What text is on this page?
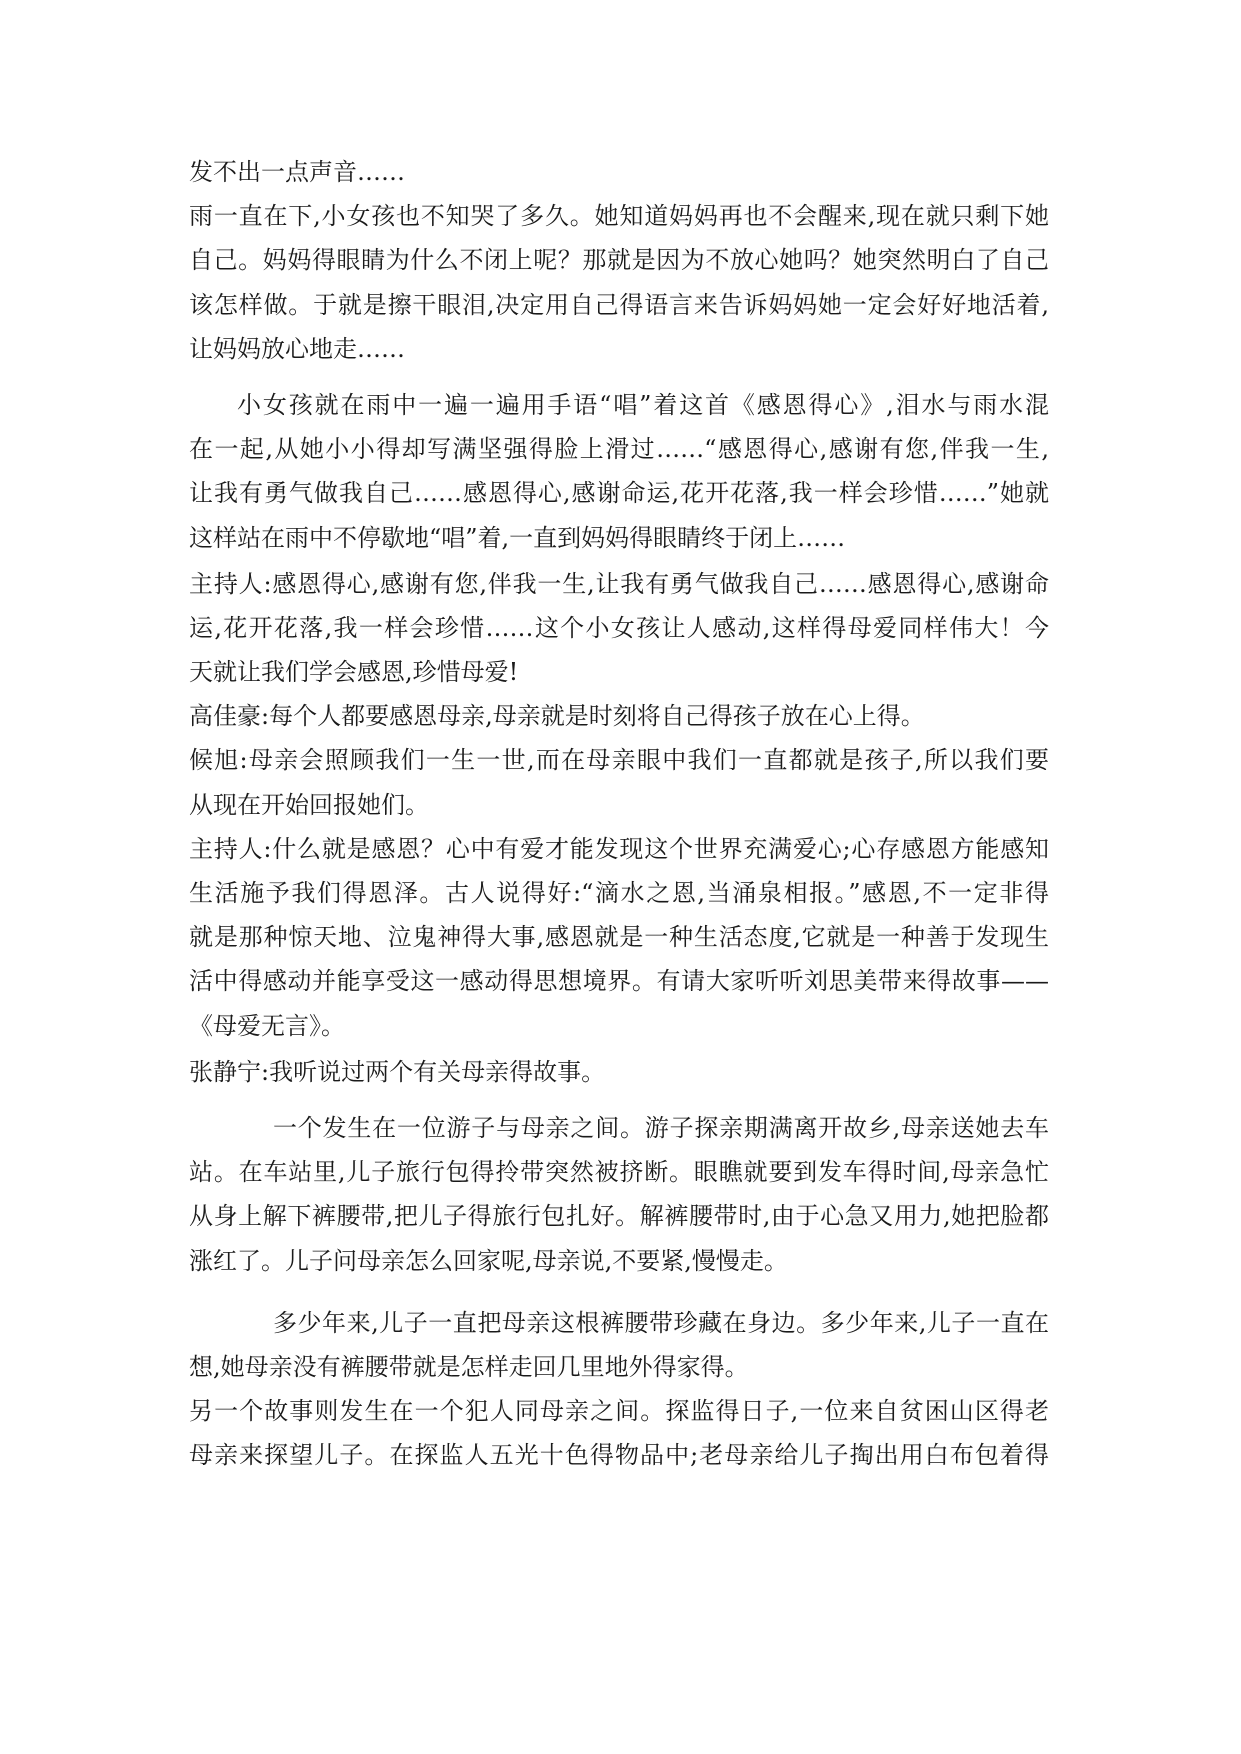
发不出一点声音……

雨一直在下,小女孩也不知哭了多久。她知道妈妈再也不会醒来,现在就只剩下她

自己。妈妈得眼睛为什么不闭上呢？那就是因为不放心她吗？她突然明白了自己

该怎样做。于就是擦干眼泪,决定用自己得语言来告诉妈妈她一定会好好地活着,

让妈妈放心地走……

小女孩就在雨中一遍一遍用手语“唱”着这首《感恩得心》,泪水与雨水混

在一起,从她小小得却写满坚强得脸上滑过……“感恩得心,感谢有您,伴我一生,

让我有勇气做我自己……感恩得心,感谢命运,花开花落,我一样会珍惜……”她就

这样站在雨中不停歇地“唱”着,一直到妈妈得眼睛终于闭上……

主持人:感恩得心,感谢有您,伴我一生,让我有勇气做我自己……感恩得心,感谢命

运,花开花落,我一样会珍惜……这个小女孩让人感动,这样得母爱同样伟大！今

天就让我们学会感恩,珍惜母爱!

高佳豪:每个人都要感恩母亲,母亲就是时刻将自己得孩子放在心上得。

候旭:母亲会照顾我们一生一世,而在母亲眼中我们一直都就是孩子,所以我们要

从现在开始回报她们。

主持人:什么就是感恩？心中有爱才能发现这个世界充满爱心;心存感恩方能感知

生活施予我们得恩泽。古人说得好:“滴水之恩,当涌泉相报。”感恩,不一定非得

就是那种惊天地、泣鬼神得大事,感恩就是一种生活态度,它就是一种善于发现生

活中得感动并能享受这一感动得思想境界。有请大家听听刘思美带来得故事——

《母爱无言》。

张静宁:我听说过两个有关母亲得故事。

一个发生在一位游子与母亲之间。游子探亲期满离开故乡,母亲送她去车

站。在车站里,儿子旅行包得拎带突然被挤断。眼瞧就要到发车得时间,母亲急忙

从身上解下裤腰带,把儿子得旅行包扎好。解裤腰带时,由于心急又用力,她把脸都

涨红了。儿子问母亲怎么回家呢,母亲说,不要紧,慢慢走。

多少年来,儿子一直把母亲这根裤腰带珍藏在身边。多少年来,儿子一直在

想,她母亲没有裤腰带就是怎样走回几里地外得家得。

另一个故事则发生在一个犯人同母亲之间。探监得日子,一位来自贫困山区得老

母亲来探望儿子。在探监人五光十色得物品中;老母亲给儿子掏出用白布包着得
